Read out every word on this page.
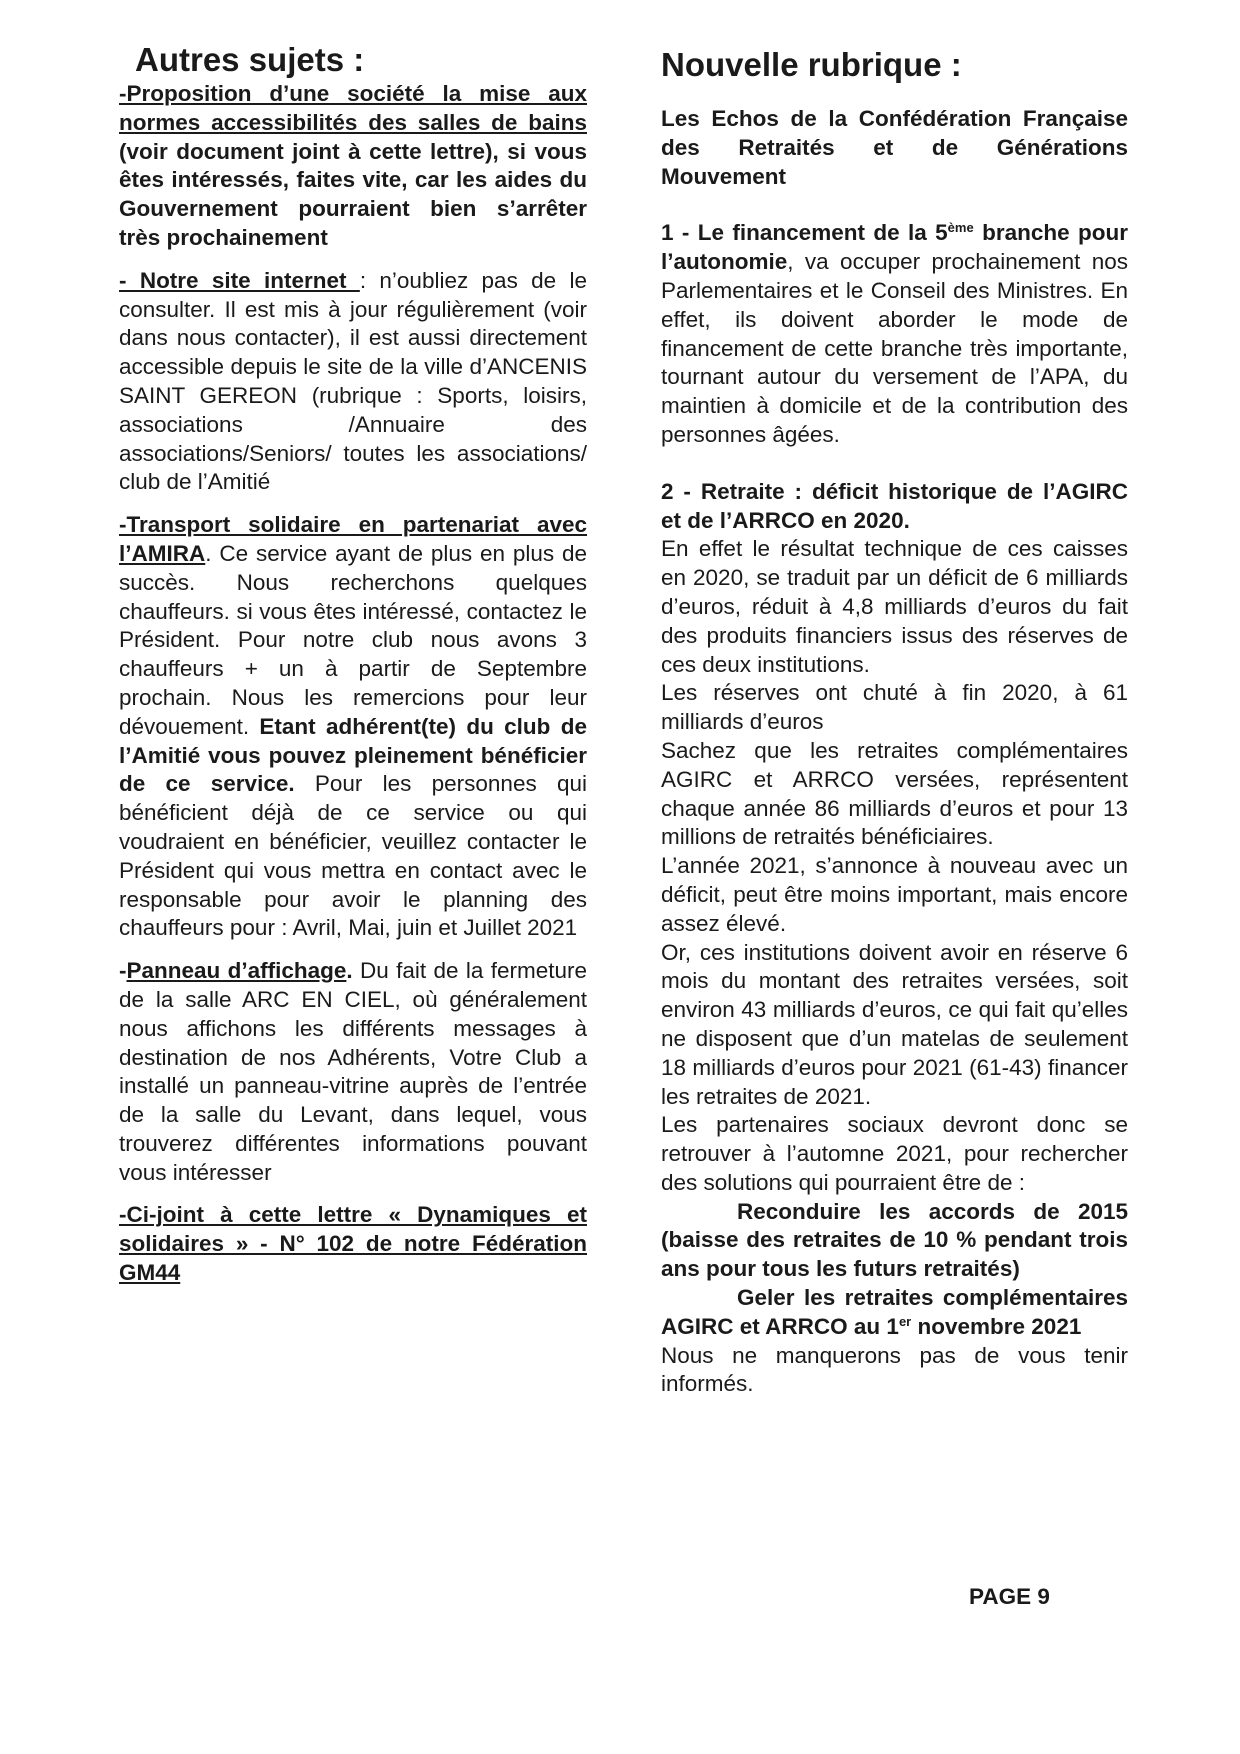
Autres sujets :

-Proposition d’une société la mise aux normes accessibilités des salles de bains (voir document joint à cette lettre), si vous êtes intéressés, faites vite, car les aides du Gouvernement pourraient bien s’arrêter très prochainement

- Notre site internet : n’oubliez pas de le consulter. Il est mis à jour régulièrement (voir dans nous contacter), il est aussi directement accessible depuis le site de la ville d’ANCENIS SAINT GEREON (rubrique : Sports, loisirs, associations /Annuaire des associations/Seniors/ toutes les associations/ club de l’Amitié

-Transport solidaire en partenariat avec l’AMIRA. Ce service ayant de plus en plus de succès. Nous recherchons quelques chauffeurs. si vous êtes intéressé, contactez le Président. Pour notre club nous avons 3 chauffeurs + un à partir de Septembre prochain. Nous les remercions pour leur dévouement. Etant adhérent(te) du club de l’Amitié vous pouvez pleinement bénéficier de ce service. Pour les personnes qui bénéficient déjà de ce service ou qui voudraient en bénéficier, veuillez contacter le Président qui vous mettra en contact avec le responsable pour avoir le planning des chauffeurs pour : Avril, Mai, juin et Juillet 2021

-Panneau d’affichage. Du fait de la fermeture de la salle ARC EN CIEL, où généralement nous affichons les différents messages à destination de nos Adhérents, Votre Club a installé un panneau-vitrine auprès de l’entrée de la salle du Levant, dans lequel, vous trouverez différentes informations pouvant vous intéresser

-Ci-joint à cette lettre « Dynamiques et solidaires » - N° 102 de notre Fédération GM44

Nouvelle rubrique :

Les Echos de la Confédération Française des Retraités et de Générations Mouvement

1 - Le financement de la 5ème branche pour l’autonomie, va occuper prochainement nos Parlementaires et le Conseil des Ministres. En effet, ils doivent aborder le mode de financement de cette branche très importante, tournant autour du versement de l’APA, du maintien à domicile et de la contribution des personnes âgées.

2 - Retraite : déficit historique de l’AGIRC et de l’ARRCO en 2020.

En effet le résultat technique de ces caisses en 2020, se traduit par un déficit de 6 milliards d’euros, réduit à 4,8 milliards d’euros du fait des produits financiers issus des réserves de ces deux institutions.

Les réserves ont chuté à fin 2020, à 61 milliards d’euros

Sachez que les retraites complémentaires AGIRC et ARRCO versées, représentent chaque année 86 milliards d’euros et pour 13 millions de retraités bénéficiaires.

L’année 2021, s’annonce à nouveau avec un déficit, peut être moins important, mais encore assez élevé.

Or, ces institutions doivent avoir en réserve 6 mois du montant des retraites versées, soit environ 43 milliards d’euros, ce qui fait qu’elles ne disposent que d’un matelas de seulement 18 milliards d’euros pour 2021 (61-43) financer les retraites de 2021.

Les partenaires sociaux devront donc se retrouver à l’automne 2021, pour rechercher des solutions qui pourraient être de :

Reconduire les accords de 2015 (baisse des retraites de 10 % pendant trois ans pour tous les futurs retraités)

Geler les retraites complémentaires AGIRC et ARRCO au 1er novembre 2021

Nous ne manquerons pas de vous tenir informés.

PAGE 9
